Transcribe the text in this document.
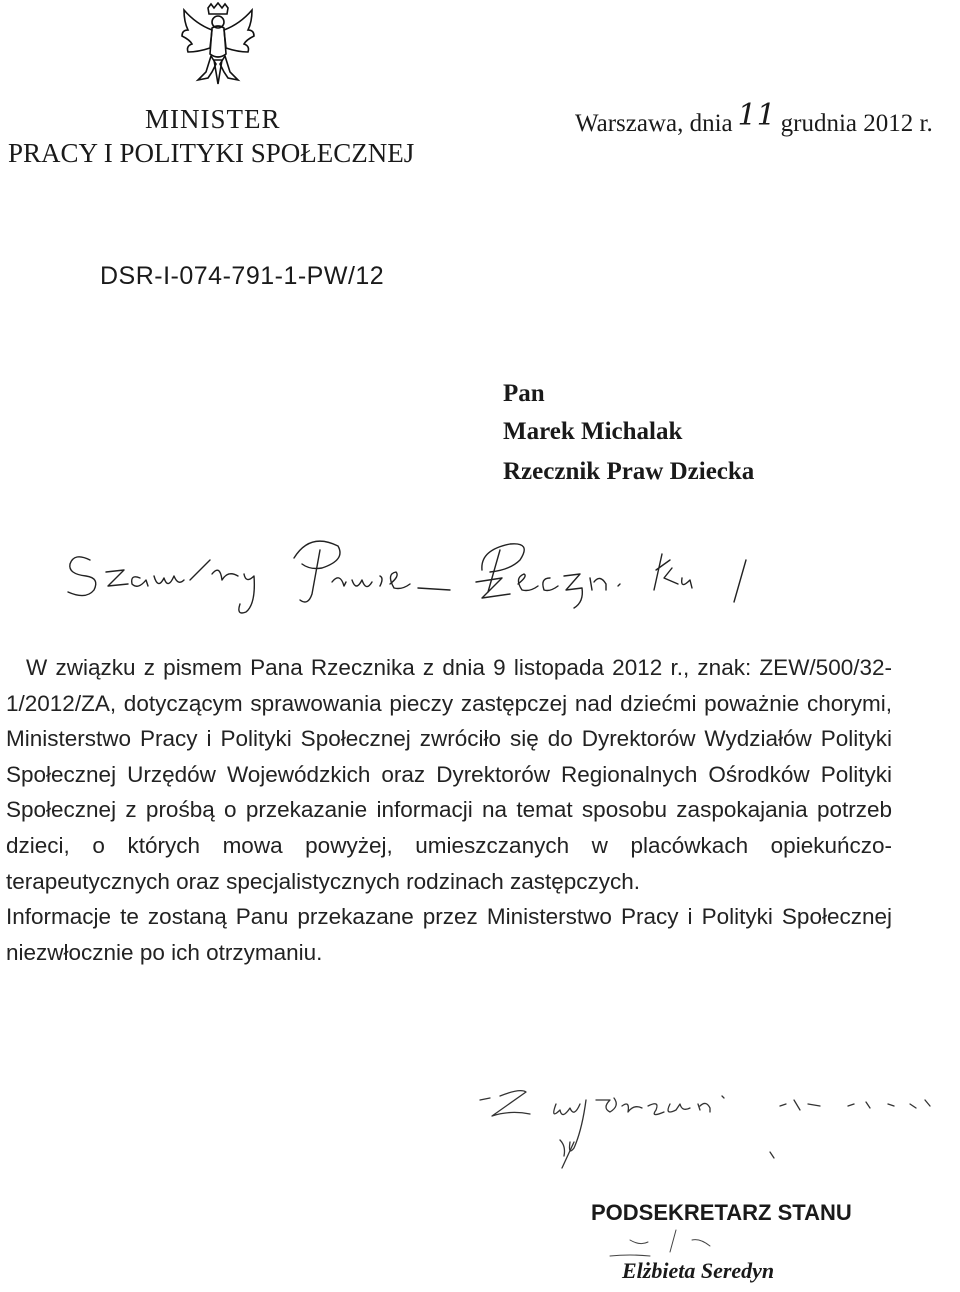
MINISTER
PRACY I POLITYKI SPOŁECZNEJ
Warszawa, dnia 11 grudnia 2012 r.
DSR-I-074-791-1-PW/12
Pan
Marek Michalak
Rzecznik Praw Dziecka

W związku z pismem Pana Rzecznika z dnia 9 listopada 2012 r., znak: ZEW/500/32-1/2012/ZA, dotyczącym sprawowania pieczy zastępczej nad dziećmi poważnie chorymi, Ministerstwo Pracy i Polityki Społecznej zwróciło się do Dyrektorów Wydziałów Polityki Społecznej Urzędów Wojewódzkich oraz Dyrektorów Regionalnych Ośrodków Polityki Społecznej z prośbą o przekazanie informacji na temat sposobu zaspokajania potrzeb dzieci, o których mowa powyżej, umieszczanych w placówkach opiekuńczo- terapeutycznych oraz specjalistycznych rodzinach zastępczych.

Informacje te zostaną Panu przekazane przez Ministerstwo Pracy i Polityki Społecznej niezwłocznie po ich otrzymaniu.

PODSEKRETARZ STANU
Elżbieta Seredyn
